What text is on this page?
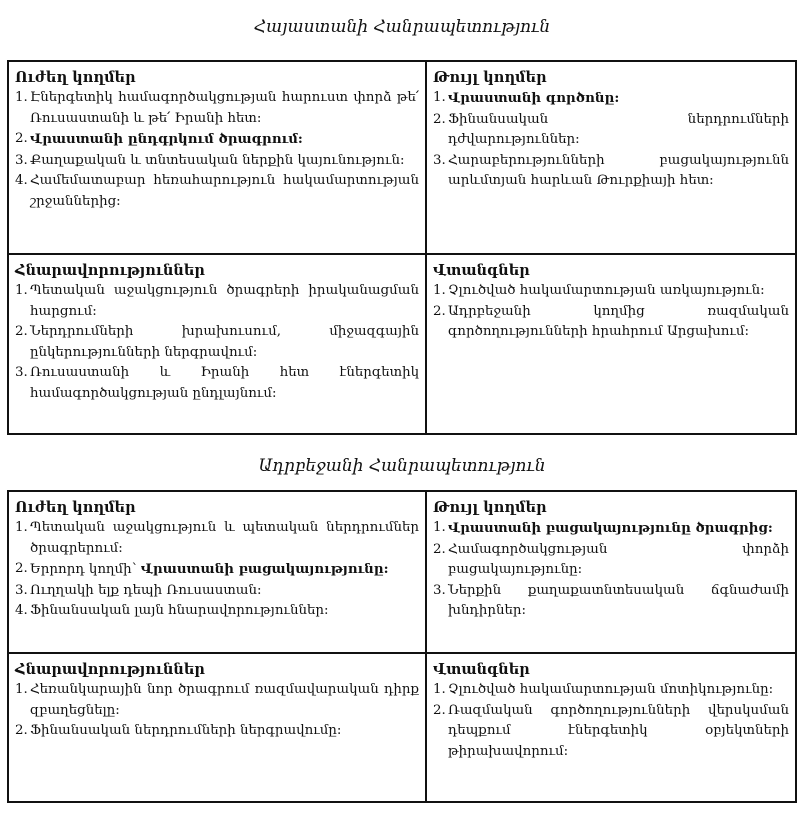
Հայաստանի Հանրապետություն
Ուժեղ կողմեր
1. Էներգետիկ համագործակցության հարուստ փորձ թե՛ Ռուսաստանի և թե՛ Իրանի հետ:
2. Վրաստանի ընդգրկում ծրագրում:
3. Քաղաքական և տնտեսական ներքին կայունություն:
4. Համեմատաբար հեռահարություն հակամարտության շրջաններից:
Թույլ կողմեր
1. Վրաստանի գործոնը:
2. Ֆինանսական ներդրումների դժվարություններ:
3. Հարաբերությունների բացակայությունն արևմտյան հարևան Թուրքիայի հետ:
Հնարավորություններ
1. Պետական աջակցություն ծրագրերի իրականացման հարցում:
2. Ներդրումների խրախուսում, միջազգային ընկերությունների ներգրավում:
3. Ռուսաստանի և Իրանի հետ էներգետիկ համագործակցության ընդլայնում:
Վտանգներ
1. Չլուծված հակամարտության առկայություն:
2. Ադրբեջանի կողմից ռազմական գործողությունների հրահրում Արցախում:
Ադրբեջանի Հանրապետություն
Ուժեղ կողմեր
1. Պետական աջակցություն և պետական ներդրումներ ծրագրերում:
2. Երրորդ կողմի՝ Վրաստանի բացակայությունը:
3. Ուղղակի ելք դեպի Ռուսաստան:
4. Ֆինանսական լայն հնարավորություններ:
Թույլ կողմեր
1. Վրաստանի բացակայությունը ծրագրից:
2. Համագործակցության փորձի բացակայությունը:
3. Ներքին քաղաքատնտեսական ճգնաժամի խնդիրներ:
Հնարավորություններ
1. Հեռանկարային նոր ծրագրում ռազմավարական դիրք զբաղեցնելը:
2. Ֆինանսական ներդրումների ներգրավումը:
Վտանգներ
1. Չլուծված հակամարտության մոտիկությունը:
2. Ռազմական գործողությունների վերսկսման դեպքում էներգետիկ օբյեկտների թիրախավորում:
